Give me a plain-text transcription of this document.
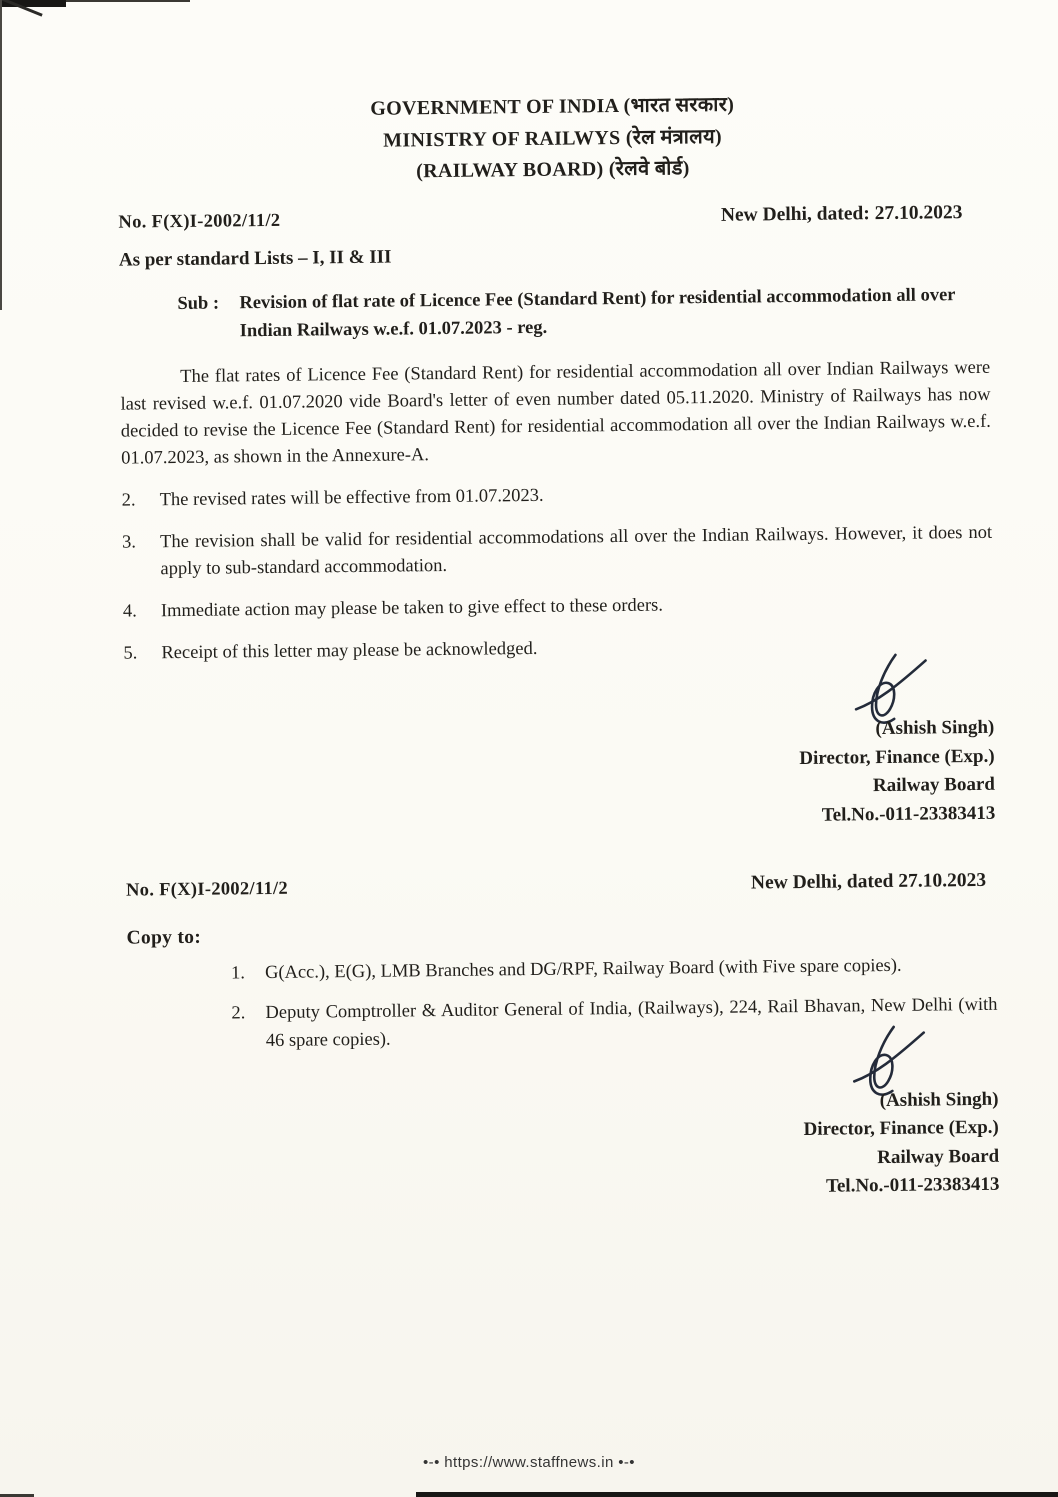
GOVERNMENT OF INDIA (भारत सरकार)
MINISTRY OF RAILWYS (रेल मंत्रालय)
(RAILWAY BOARD) (रेलवे बोर्ड)
No. F(X)I-2002/11/2	New Delhi, dated: 27.10.2023
As per standard Lists – I, II & III
Sub :	Revision of flat rate of Licence Fee (Standard Rent) for residential accommodation all over Indian Railways w.e.f. 01.07.2023 - reg.
The flat rates of Licence Fee (Standard Rent) for residential accommodation all over Indian Railways were last revised w.e.f. 01.07.2020 vide Board's letter of even number dated 05.11.2020. Ministry of Railways has now decided to revise the Licence Fee (Standard Rent) for residential accommodation all over the Indian Railways w.e.f. 01.07.2023, as shown in the Annexure-A.
2.	The revised rates will be effective from 01.07.2023.
3.	The revision shall be valid for residential accommodations all over the Indian Railways. However, it does not apply to sub-standard accommodation.
4.	Immediate action may please be taken to give effect to these orders.
5.	Receipt of this letter may please be acknowledged.
(Ashish Singh)
Director, Finance (Exp.)
Railway Board
Tel.No.-011-23383413
No. F(X)I-2002/11/2	New Delhi, dated 27.10.2023
Copy to:
1.	G(Acc.), E(G), LMB Branches and DG/RPF, Railway Board (with Five spare copies).
2.	Deputy Comptroller & Auditor General of India, (Railways), 224, Rail Bhavan, New Delhi (with 46 spare copies).
(Ashish Singh)
Director, Finance (Exp.)
Railway Board
Tel.No.-011-23383413
•-• https://www.staffnews.in •-•
